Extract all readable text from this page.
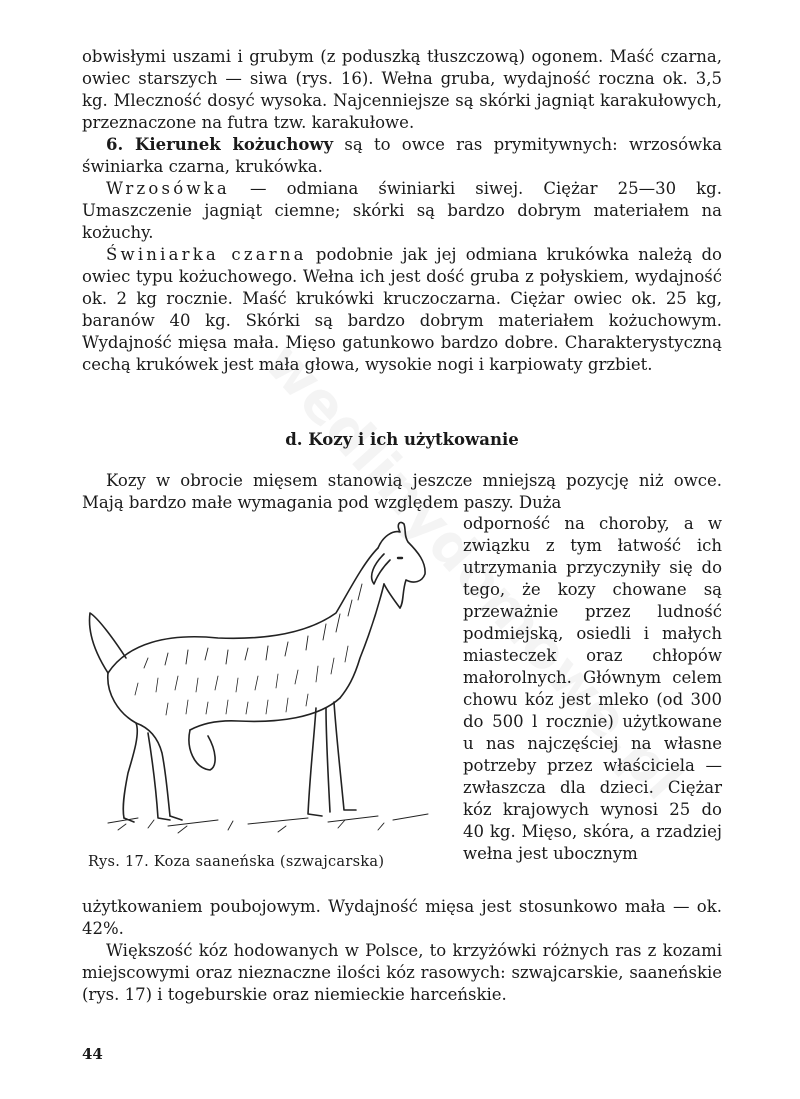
obwisłymi uszami i grubym (z poduszką tłuszczową) ogonem. Maść czarna, owiec starszych — siwa (rys. 16). Wełna gruba, wydajność roczna ok. 3,5 kg. Mleczność dosyć wysoka. Najcenniejsze są skórki jagniąt karakułowych, przeznaczone na futra tzw. karakułowe.

6. Kierunek kożuchowy są to owce ras prymitywnych: wrzosówka świniarka czarna, krukówka.

Wrzosówka — odmiana świniarki siwej. Ciężar 25—30 kg. Umaszczenie jagniąt ciemne; skórki są bardzo dobrym materiałem na kożuchy.

Świniarka czarna podobnie jak jej odmiana krukówka należą do owiec typu kożuchowego. Wełna ich jest dość gruba z połyskiem, wydajność ok. 2 kg rocznie. Maść krukówki kruczoczarna. Ciężar owiec ok. 25 kg, baranów 40 kg. Skórki są bardzo dobrym materiałem kożuchowym. Wydajność mięsa mała. Mięso gatunkowo bardzo dobre. Charakterystyczną cechą krukówek jest mała głowa, wysokie nogi i karpiowaty grzbiet.

d. Kozy i ich użytkowanie
Kozy w obrocie mięsem stanowią jeszcze mniejszą pozycję niż owce. Mają bardzo małe wymagania pod względem paszy. Duża
Rys. 17. Koza saaneńska (szwajcarska)
odporność na choroby, a w związku z tym łatwość ich utrzymania przyczyniły się do tego, że kozy chowane są przeważnie przez ludność podmiejską, osiedli i małych miasteczek oraz chłopów małorolnych. Głównym celem chowu kóz jest mleko (od 300 do 500 l rocznie) użytkowane u nas najczęściej na własne potrzeby przez właściciela — zwłaszcza dla dzieci. Ciężar kóz krajowych wynosi 25 do 40 kg. Mięso, skóra, a rzadziej wełna jest ubocznym

użytkowaniem poubojowym. Wydajność mięsa jest stosunkowo mała — ok. 42%.

Większość kóz hodowanych w Polsce, to krzyżówki różnych ras z kozami miejscowymi oraz nieznaczne ilości kóz rasowych: szwajcarskie, saaneńskie (rys. 17) i togeburskie oraz niemieckie harceńskie.

44
